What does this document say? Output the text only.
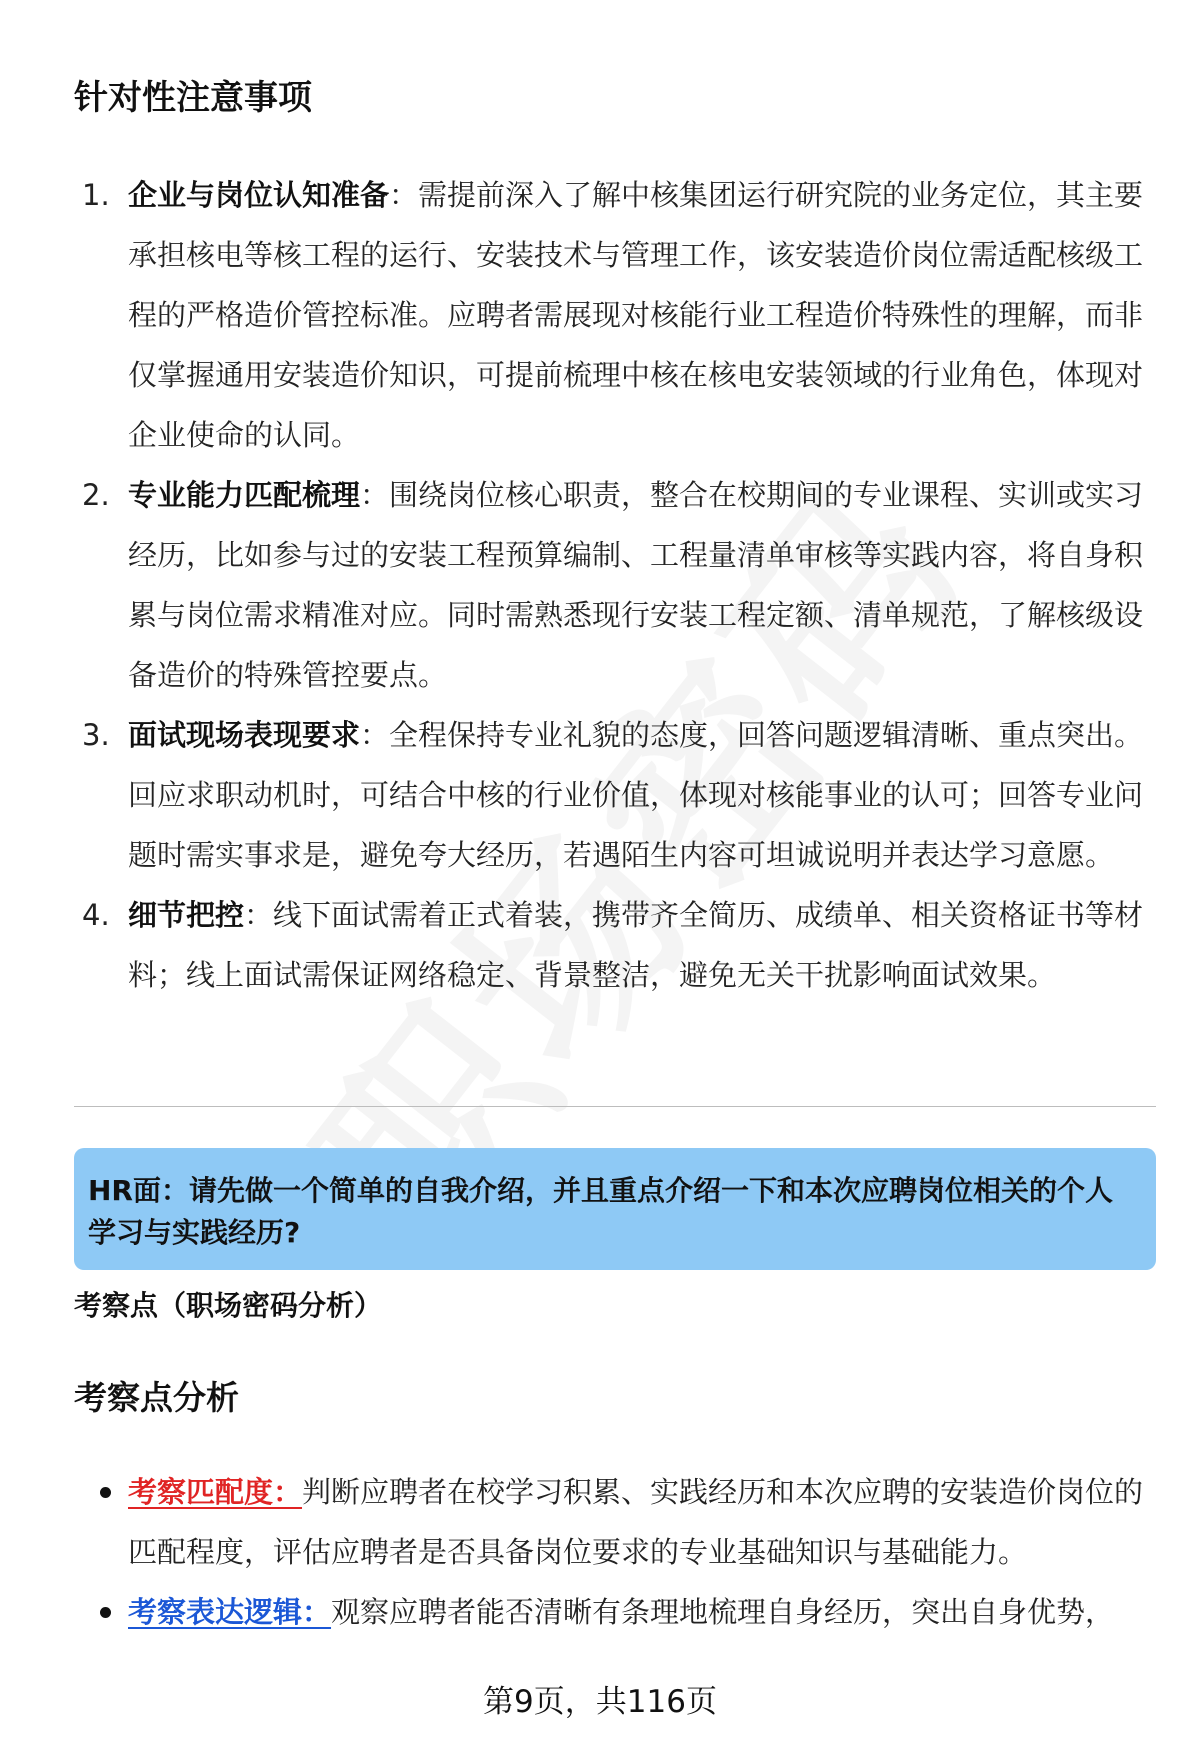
针对性注意事项
1. 企业与岗位认知准备：需提前深入了解中核集团运行研究院的业务定位，其主要承担核电等核工程的运行、安装技术与管理工作，该安装造价岗位需适配核级工程的严格造价管控标准。应聘者需展现对核能行业工程造价特殊性的理解，而非仅掌握通用安装造价知识，可提前梳理中核在核电安装领域的行业角色，体现对企业使命的认同。
2. 专业能力匹配梳理：围绕岗位核心职责，整合在校期间的专业课程、实训或实习经历，比如参与过的安装工程预算编制、工程量清单审核等实践内容，将自身积累与岗位需求精准对应。同时需熟悉现行安装工程定额、清单规范，了解核级设备造价的特殊管控要点。
3. 面试现场表现要求：全程保持专业礼貌的态度，回答问题逻辑清晰、重点突出。回应求职动机时，可结合中核的行业价值，体现对核能事业的认可；回答专业问题时需实事求是，避免夸大经历，若遇陌生内容可坦诚说明并表达学习意愿。
4. 细节把控：线下面试需着正式着装，携带齐全简历、成绩单、相关资格证书等材料；线上面试需保证网络稳定、背景整洁，避免无关干扰影响面试效果。
HR面：请先做一个简单的自我介绍，并且重点介绍一下和本次应聘岗位相关的个人学习与实践经历?
考察点（职场密码分析）
考察点分析
考察匹配度：判断应聘者在校学习积累、实践经历和本次应聘的安装造价岗位的匹配程度，评估应聘者是否具备岗位要求的专业基础知识与基础能力。
考察表达逻辑：观察应聘者能否清晰有条理地梳理自身经历，突出自身优势，
第9页，共116页
